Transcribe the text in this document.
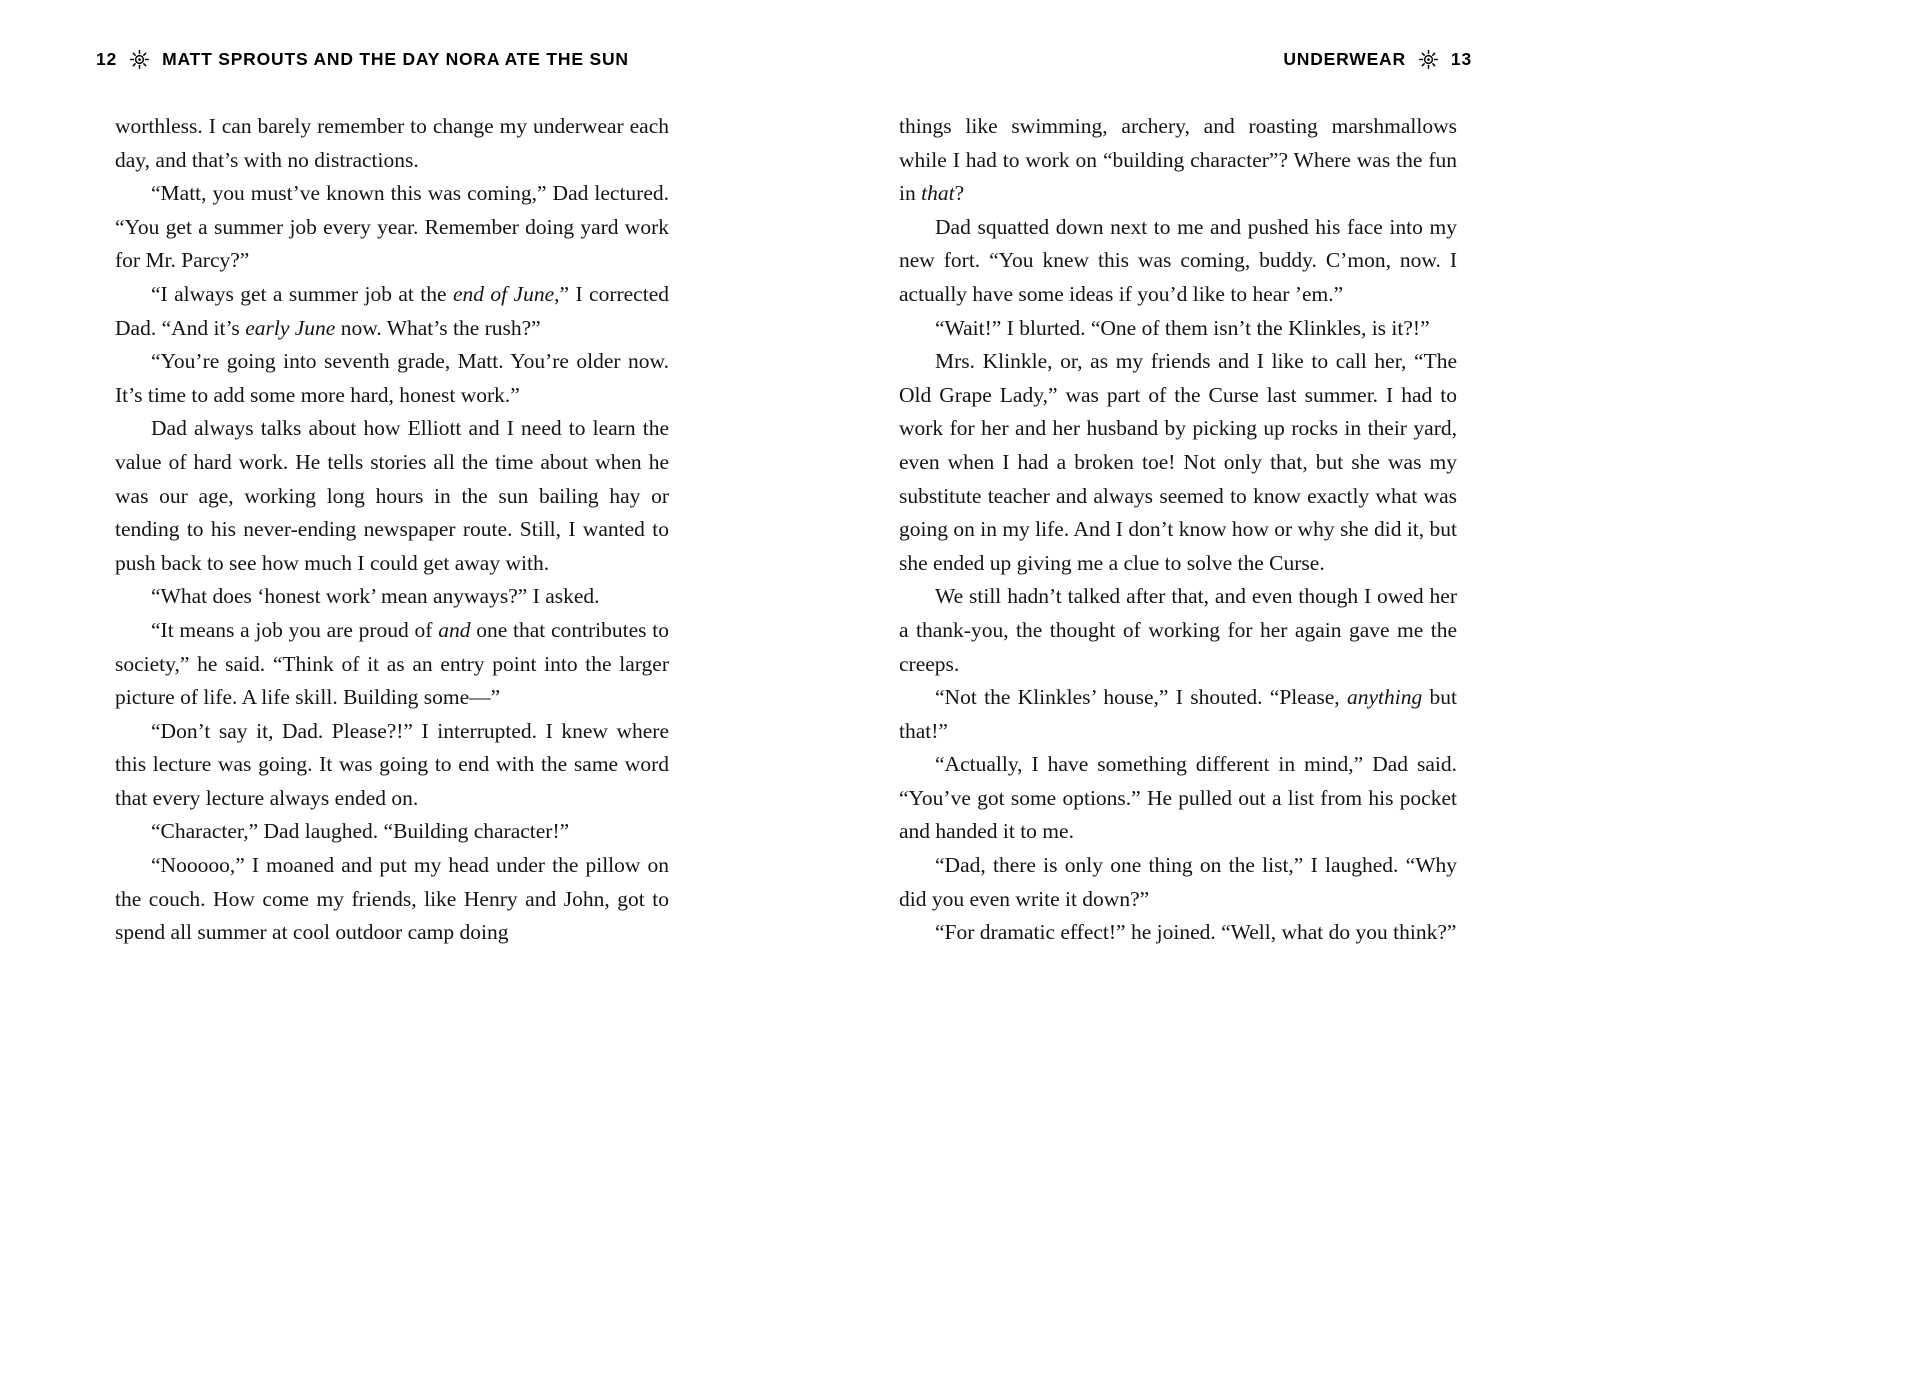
12	MATT SPROUTS AND THE DAY NORA ATE THE SUN	UNDERWEAR	13

worthless. I can barely remember to change my underwear each day, and that’s with no distractions.

“Matt, you must’ve known this was coming,” Dad lectured. “You get a summer job every year. Remember doing yard work for Mr. Parcy?”

“I always get a summer job at the end of June,” I corrected Dad. “And it’s early June now. What’s the rush?”

“You’re going into seventh grade, Matt. You’re older now. It’s time to add some more hard, honest work.”

Dad always talks about how Elliott and I need to learn the value of hard work. He tells stories all the time about when he was our age, working long hours in the sun bailing hay or tending to his never-ending newspaper route. Still, I wanted to push back to see how much I could get away with.

“What does ‘honest work’ mean anyways?” I asked.

“It means a job you are proud of and one that contributes to society,” he said. “Think of it as an entry point into the larger picture of life. A life skill. Building some—”

“Don’t say it, Dad. Please?!” I interrupted. I knew where this lecture was going. It was going to end with the same word that every lecture always ended on.

“Character,” Dad laughed. “Building character!”

“Nooooo,” I moaned and put my head under the pillow on the couch. How come my friends, like Henry and John, got to spend all summer at cool outdoor camp doing

things like swimming, archery, and roasting marshmallows while I had to work on “building character”? Where was the fun in that?

Dad squatted down next to me and pushed his face into my new fort. “You knew this was coming, buddy. C’mon, now. I actually have some ideas if you’d like to hear ’em.”

“Wait!” I blurted. “One of them isn’t the Klinkles, is it?!”

Mrs. Klinkle, or, as my friends and I like to call her, “The Old Grape Lady,” was part of the Curse last summer. I had to work for her and her husband by picking up rocks in their yard, even when I had a broken toe! Not only that, but she was my substitute teacher and always seemed to know exactly what was going on in my life. And I don’t know how or why she did it, but she ended up giving me a clue to solve the Curse.

We still hadn’t talked after that, and even though I owed her a thank-you, the thought of working for her again gave me the creeps.

“Not the Klinkles’ house,” I shouted. “Please, anything but that!”

“Actually, I have something different in mind,” Dad said. “You’ve got some options.” He pulled out a list from his pocket and handed it to me.

“Dad, there is only one thing on the list,” I laughed. “Why did you even write it down?”

“For dramatic effect!” he joined. “Well, what do you think?”
